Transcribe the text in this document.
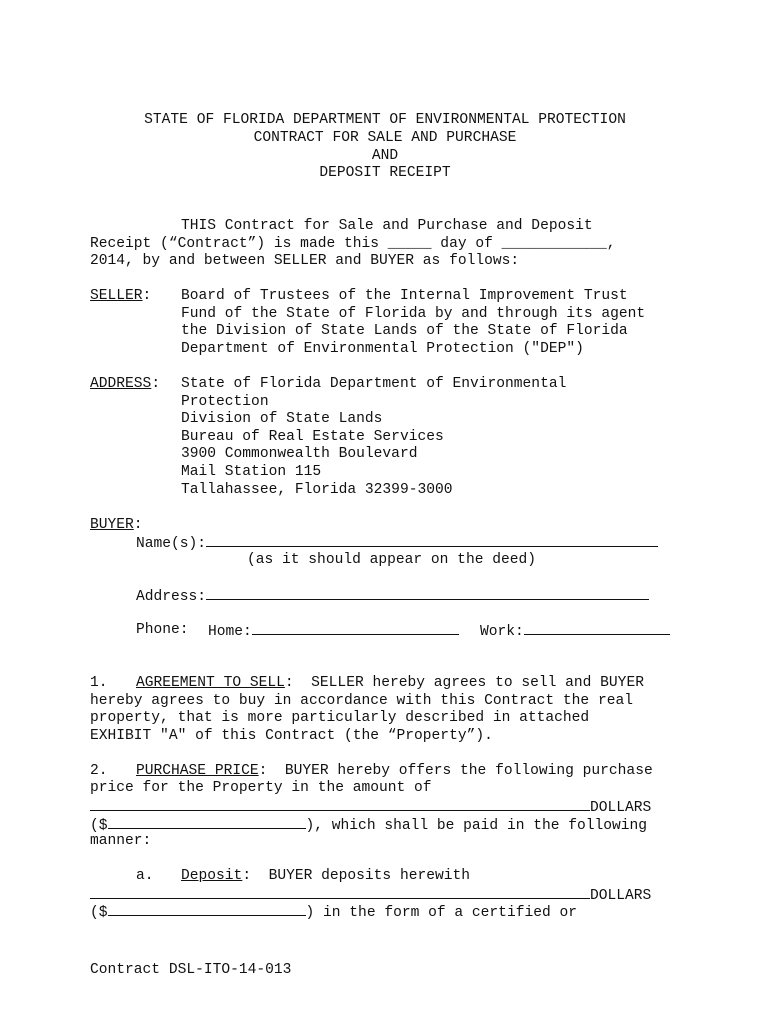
STATE OF FLORIDA DEPARTMENT OF ENVIRONMENTAL PROTECTION
CONTRACT FOR SALE AND PURCHASE
AND
DEPOSIT RECEIPT
THIS Contract for Sale and Purchase and Deposit
Receipt (“Contract”) is made this _____ day of ____________,
2014, by and between SELLER and BUYER as follows:
SELLER: Board of Trustees of the Internal Improvement Trust
Fund of the State of Florida by and through its agent
the Division of State Lands of the State of Florida
Department of Environmental Protection ("DEP")
ADDRESS: State of Florida Department of Environmental
Protection
Division of State Lands
Bureau of Real Estate Services
3900 Commonwealth Boulevard
Mail Station 115
Tallahassee, Florida 32399-3000
BUYER:
Name(s):
(as it should appear on the deed)
Address:
Phone: Home:	Work:
1. AGREEMENT TO SELL:  SELLER hereby agrees to sell and BUYER
hereby agrees to buy in accordance with this Contract the real
property, that is more particularly described in attached
EXHIBIT "A" of this Contract (the “Property”).
2. PURCHASE PRICE:  BUYER hereby offers the following purchase
price for the Property in the amount of
DOLLARS
($	), which shall be paid in the following
manner:
a. Deposit:  BUYER deposits herewith
DOLLARS
($	) in the form of a certified or
Contract DSL-ITO-14-013
